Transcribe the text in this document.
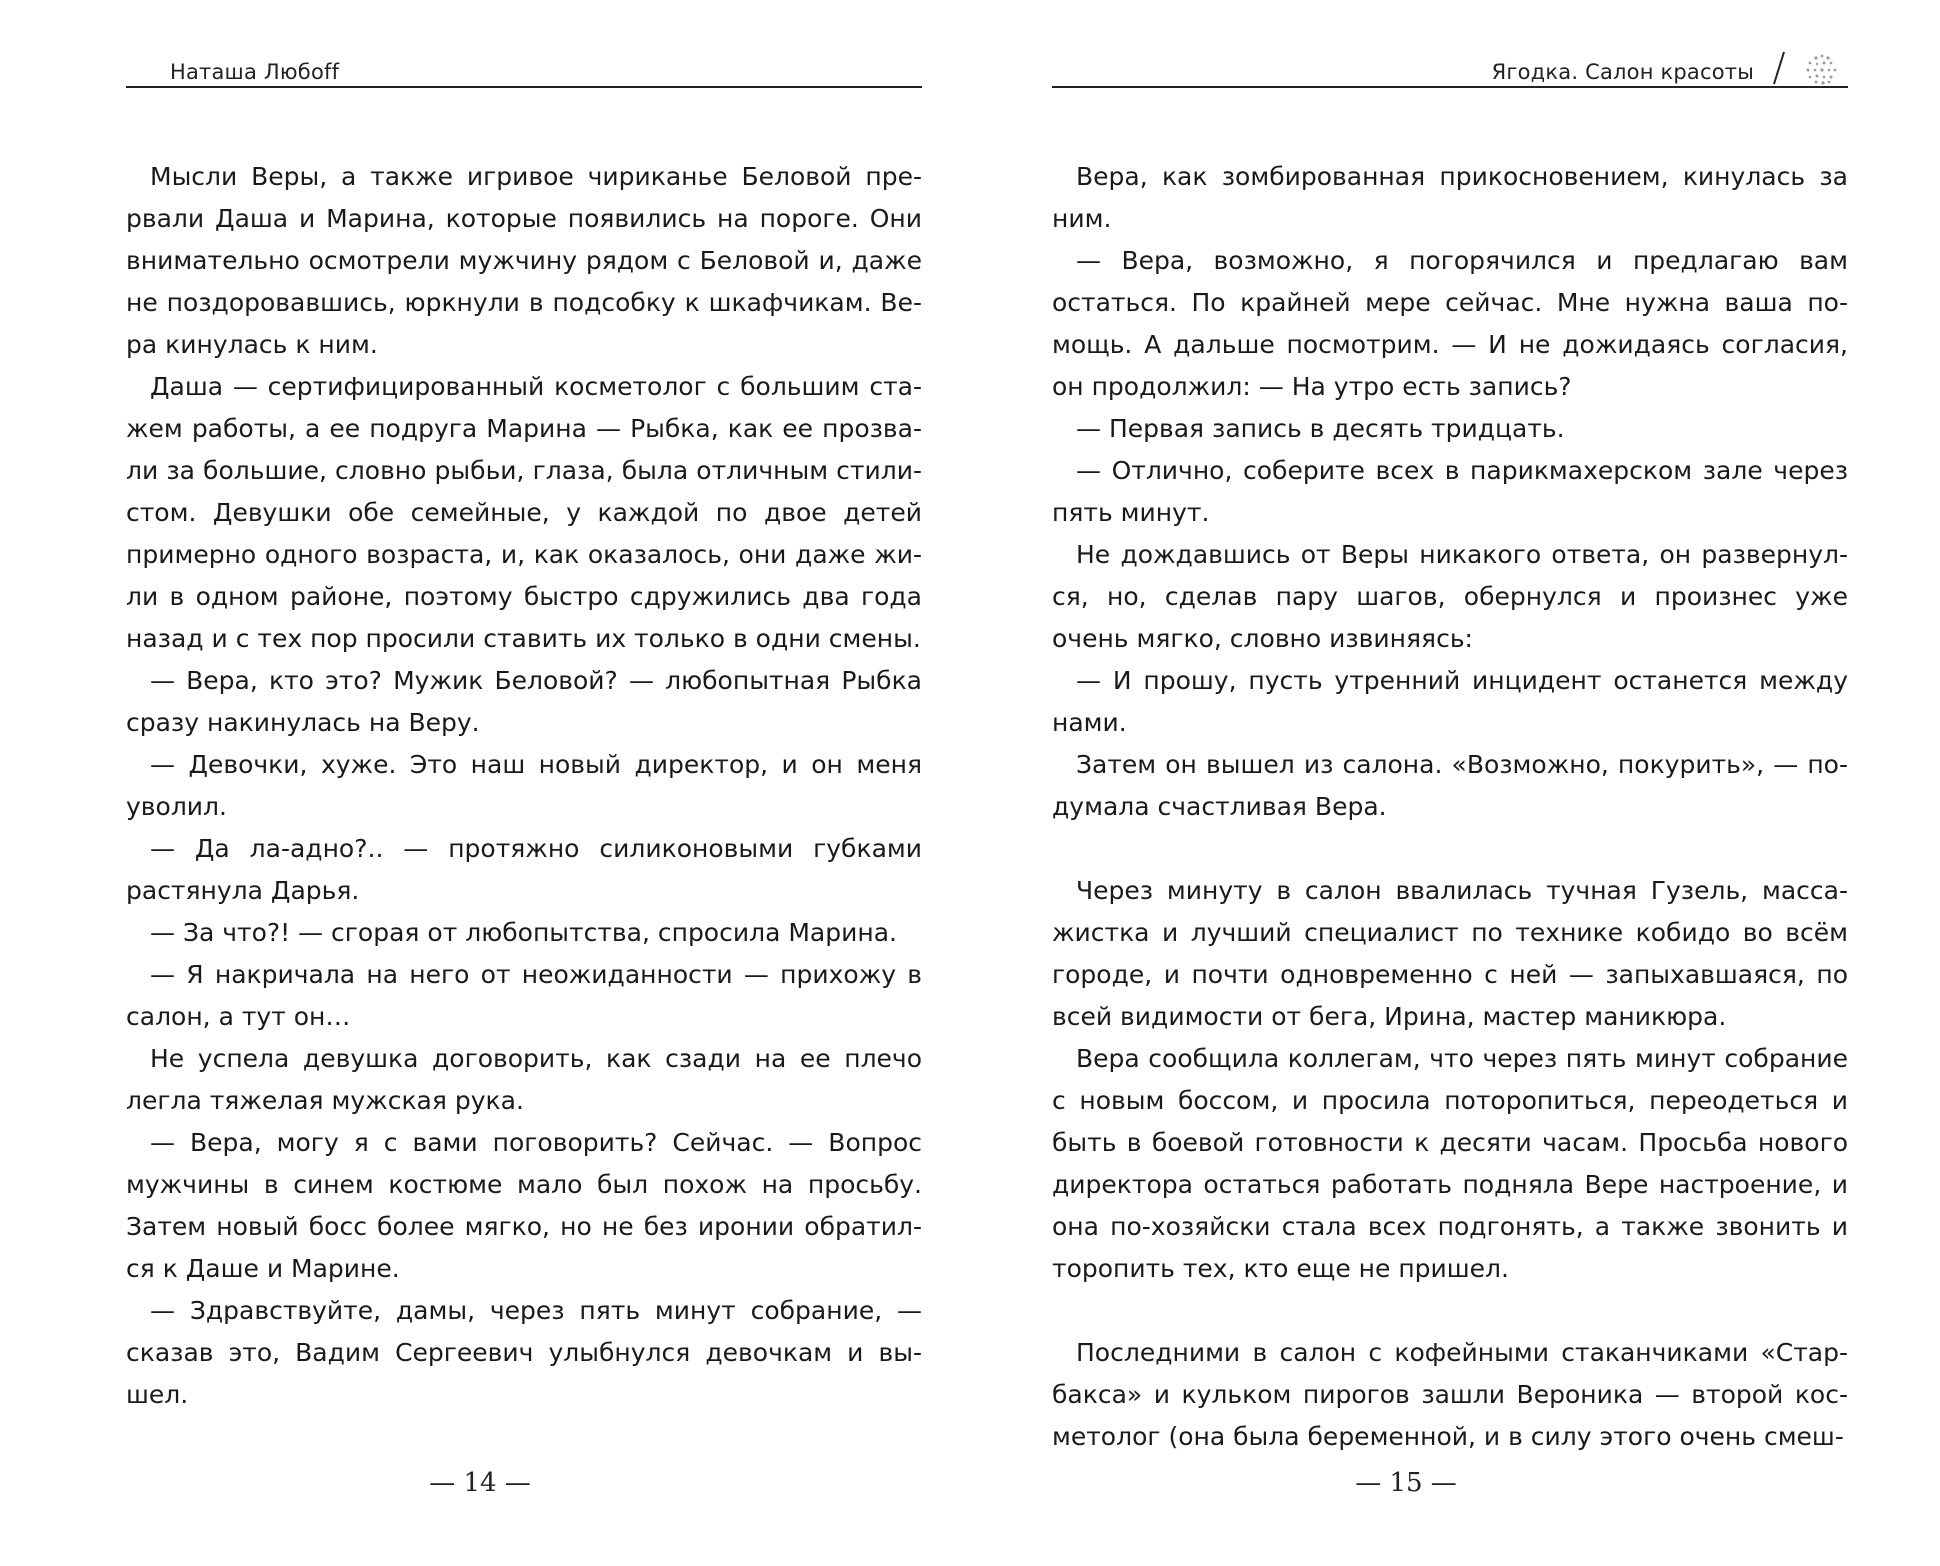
Наташа Любоff

Мысли Веры, а также игривое чириканье Беловой прервали Даша и Марина, которые появились на пороге. Они внимательно осмотрели мужчину рядом с Беловой и, даже не поздоровавшись, юркнули в подсобку к шкафчикам. Вера кинулась к ним.

Даша — сертифицированный косметолог с большим стажем работы, а ее подруга Марина — Рыбка, как ее прозвали за большие, словно рыбьи, глаза, была отличным стилистом. Девушки обе семейные, у каждой по двое детей примерно одного возраста, и, как оказалось, они даже жили в одном районе, поэтому быстро сдружились два года назад и с тех пор просили ставить их только в одни смены.

— Вера, кто это? Мужик Беловой? — любопытная Рыбка сразу накинулась на Веру.

— Девочки, хуже. Это наш новый директор, и он меня уволил.

— Да ла-адно?.. — протяжно силиконовыми губками растянула Дарья.

— За что?! — сгорая от любопытства, спросила Марина.

— Я накричала на него от неожиданности — прихожу в салон, а тут он…

Не успела девушка договорить, как сзади на ее плечо легла тяжелая мужская рука.

— Вера, могу я с вами поговорить? Сейчас. — Вопрос мужчины в синем костюме мало был похож на просьбу. Затем новый босс более мягко, но не без иронии обратился к Даше и Марине.

— Здравствуйте, дамы, через пять минут собрание, — сказав это, Вадим Сергеевич улыбнулся девочкам и вышел.

— 14 —
Ягодка. Салон красоты

Вера, как зомбированная прикосновением, кинулась за ним.

— Вера, возможно, я погорячился и предлагаю вам остаться. По крайней мере сейчас. Мне нужна ваша помощь. А дальше посмотрим. — И не дожидаясь согласия, он продолжил: — На утро есть запись?

— Первая запись в десять тридцать.

— Отлично, соберите всех в парикмахерском зале через пять минут.

Не дождавшись от Веры никакого ответа, он развернулся, но, сделав пару шагов, обернулся и произнес уже очень мягко, словно извиняясь:

— И прошу, пусть утренний инцидент останется между нами.

Затем он вышел из салона. «Возможно, покурить», — подумала счастливая Вера.

Через минуту в салон ввалилась тучная Гузель, массажистка и лучший специалист по технике кобидо во всём городе, и почти одновременно с ней — запыхавшаяся, по всей видимости от бега, Ирина, мастер маникюра.

Вера сообщила коллегам, что через пять минут собрание с новым боссом, и просила поторопиться, переодеться и быть в боевой готовности к десяти часам. Просьба нового директора остаться работать подняла Вере настроение, и она по-хозяйски стала всех подгонять, а также звонить и торопить тех, кто еще не пришел.

Последними в салон с кофейными стаканчиками «Старбакса» и кульком пирогов зашли Вероника — второй косметолог (она была беременной, и в силу этого очень смеш-

— 15 —
